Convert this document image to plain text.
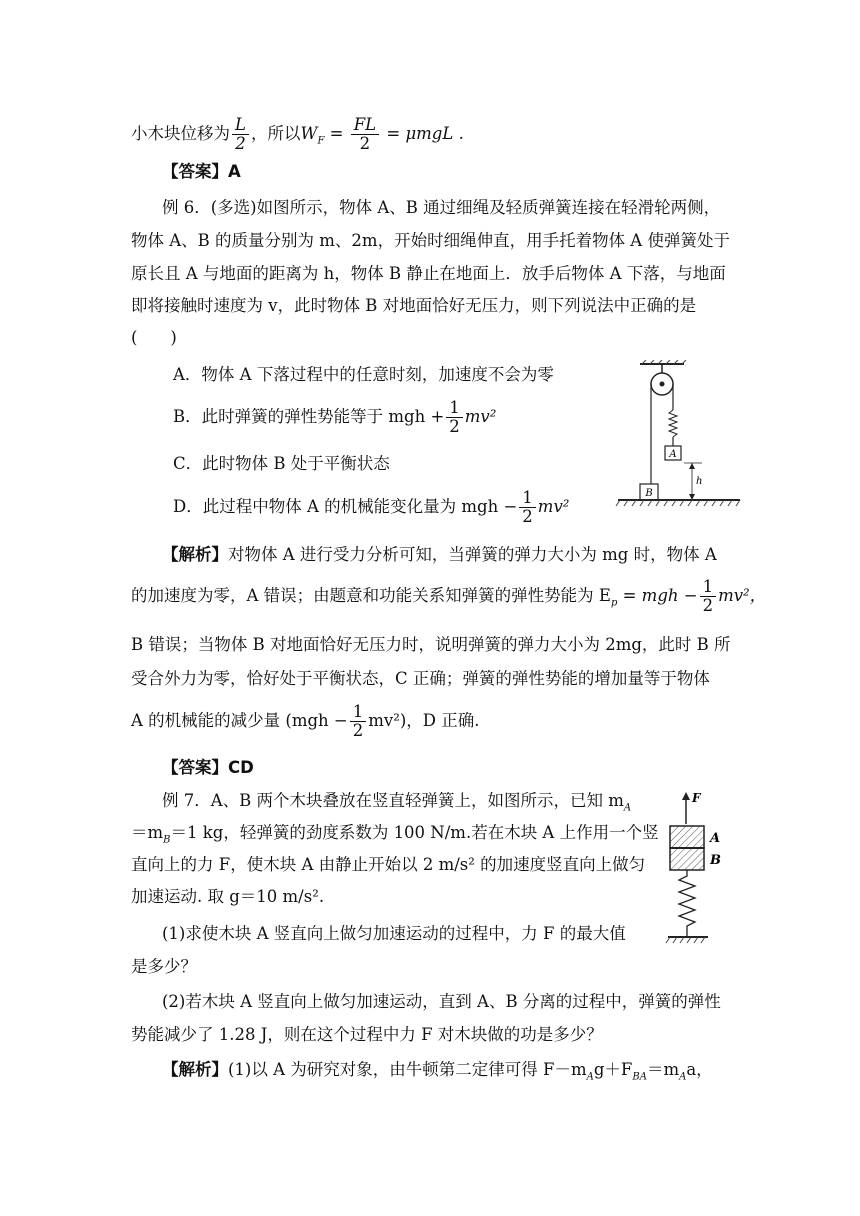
小木块位移为 $\frac{L}{2}$ ，所以$W_F = \frac{FL}{2} = \mu mgL$ .
【答案】A
例 6．(多选)如图所示，物体 A、B 通过细绳及轻质弹簧连接在轻滑轮两侧，
物体 A、B 的质量分别为 m、2m，开始时细绳伸直，用手托着物体 A 使弹簧处于
原长且 A 与地面的距离为 h，物体 B 静止在地面上．放手后物体 A 下落，与地面
即将接触时速度为 v，此时物体 B 对地面恰好无压力，则下列说法中正确的是
(　　)
A．物体 A 下落过程中的任意时刻，加速度不会为零
B．此时弹簧的弹性势能等于 mgh + $\frac{1}{2} mv^2$
C．此时物体 B 处于平衡状态
D．此过程中物体 A 的机械能变化量为 mgh − $\frac{1}{2} mv^2$
A
h
B
【解析】对物体 A 进行受力分析可知，当弹簧的弹力大小为 mg 时，物体 A
的加速度为零，A 错误；由题意和功能关系知弹簧的弹性势能为 $E_p$ = mgh − $\frac{1}{2} mv^2$，
B 错误；当物体 B 对地面恰好无压力时，说明弹簧的弹力大小为 2mg，此时 B 所
受合外力为零，恰好处于平衡状态，C 正确；弹簧的弹性势能的增加量等于物体
A 的机械能的减少量 $(mgh - \frac{1}{2} mv^2)$，D 正确.
【答案】CD
例 7．A、B 两个木块叠放在竖直轻弹簧上，如图所示，已知 $m_A$
$=m_B=1$ kg，轻弹簧的劲度系数为 100 N/m.若在木块 A 上作用一个竖
直向上的力 F，使木块 A 由静止开始以 2 m/s² 的加速度竖直向上做匀
加速运动. 取 g＝10 m/s².
(1)求使木块 A 竖直向上做匀加速运动的过程中，力 F 的最大值
是多少？
(2)若木块 A 竖直向上做匀加速运动，直到 A、B 分离的过程中，弹簧的弹性
势能减少了 1.28 J，则在这个过程中力 F 对木块做的功是多少？
F
A
B
【解析】(1)以 A 为研究对象，由牛顿第二定律可得 $F-m_Ag+F_{BA}=m_Aa$，
